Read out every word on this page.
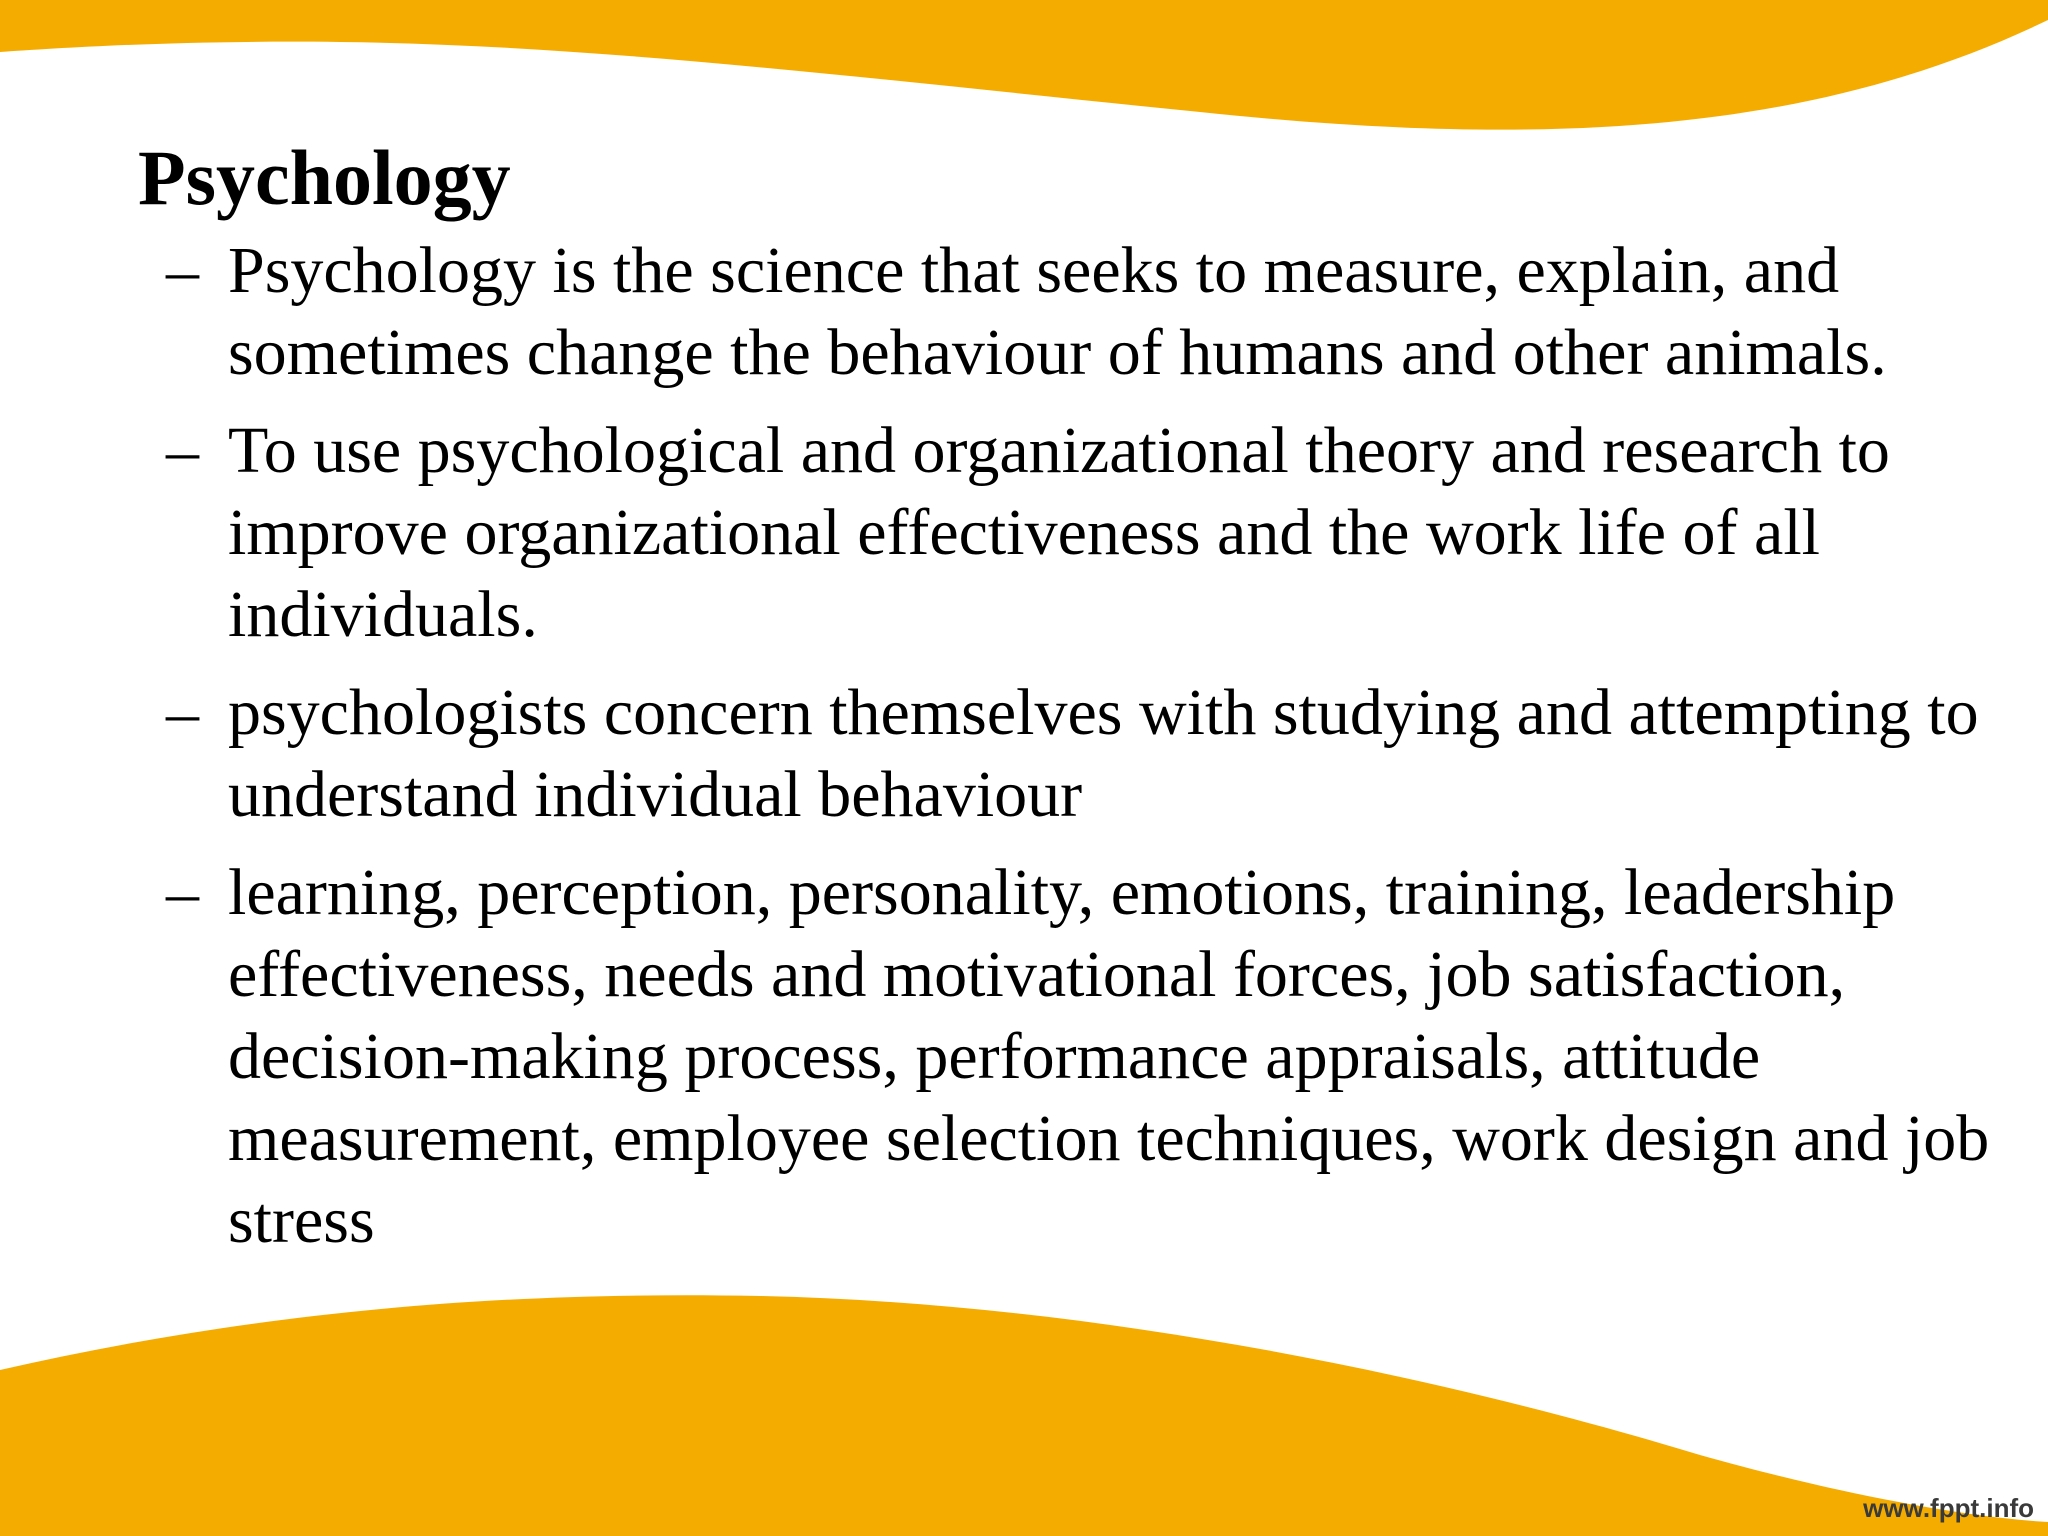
Psychology
– Psychology is the science that seeks to measure, explain, and sometimes change the behaviour of humans and other animals.
– To use psychological and organizational theory and research to improve organizational effectiveness and the work life of all individuals.
– psychologists concern themselves with studying and attempting to understand individual behaviour
– learning, perception, personality, emotions, training, leadership effectiveness, needs and motivational forces, job satisfaction, decision-making process, performance appraisals, attitude measurement, employee selection techniques, work design and job stress
www.fppt.info
